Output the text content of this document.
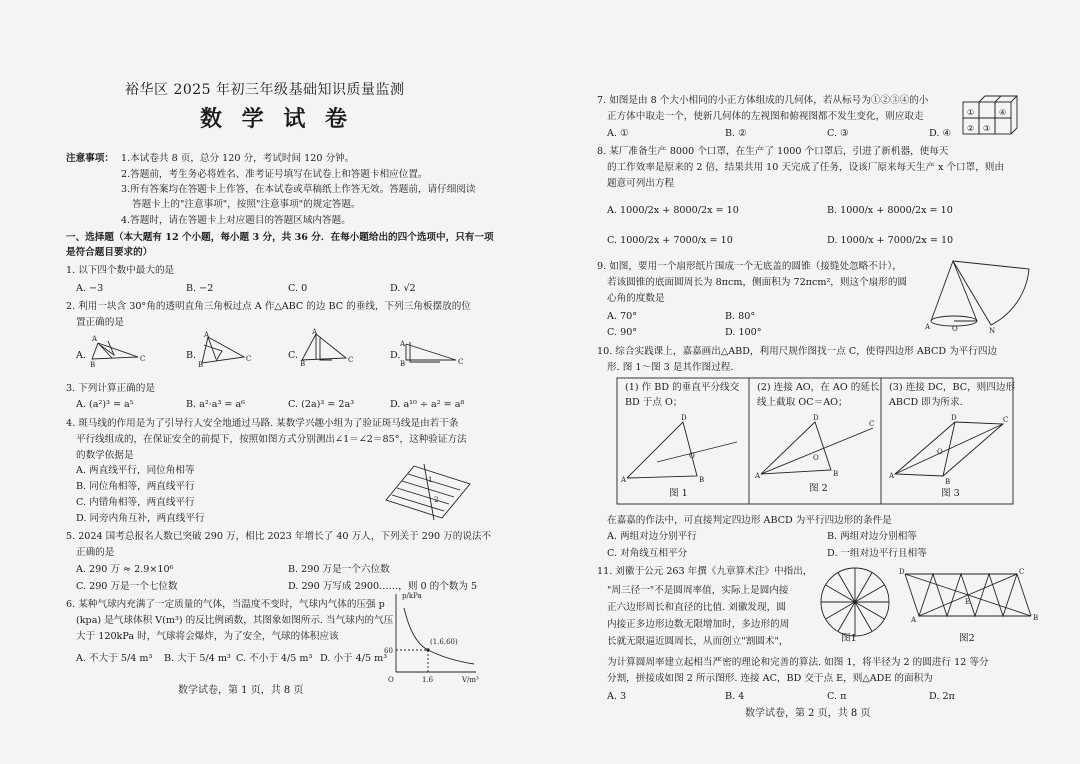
裕华区 2025 年初三年级基础知识质量监测
数 学 试 卷
注意事项： 1.本试卷共 8 页，总分 120 分，考试时间 120 分钟。
2.答题前，考生务必将姓名、准考证号填写在试卷上和答题卡相应位置。
3.所有答案均在答题卡上作答，在本试卷或草稿纸上作答无效。答题前，请仔细阅读
答题卡上的"注意事项"，按照"注意事项"的规定答题。
4.答题时，请在答题卡上对应题目的答题区域内答题。
一、选择题（本大题有 12 个小题，每小题 3 分，共 36 分．在每小题给出的四个选项中，只有一项
是符合题目要求的）
1. 以下四个数中最大的是
A. −3	B. −2	C. 0	D. √2
2. 利用一块含 30°角的透明直角三角板过点 A 作△ABC 的边 BC 的垂线，下列三角板摆放的位
置正确的是
A.	B.	C.	D.
A
C
B
A
C
B
A
C
B
A
C
B
3. 下列计算正确的是
A. (a²)³ = a⁵	B. a²·a³ = a⁶	C. (2a)³ = 2a³	D. a¹⁰ ÷ a² = a⁸
4. 斑马线的作用是为了引导行人安全地通过马路. 某数学兴趣小组为了验证斑马线是由若干条
平行线组成的，在保证安全的前提下，按照如图方式分别测出∠1＝∠2＝85°，这种验证方法
的数学依据是
A. 两直线平行，同位角相等
B. 同位角相等，两直线平行
C. 内错角相等，两直线平行
D. 同旁内角互补，两直线平行
1
2
5. 2024 国考总报名人数已突破 290 万，相比 2023 年增长了 40 万人，下列关于 290 万的说法不
正确的是
A. 290 万 ≈ 2.9×10⁶	B. 290 万是一个六位数
C. 290 万是一个七位数	D. 290 万写成 2900……，则 0 的个数为 5
6. 某种气球内充满了一定质量的气体，当温度不变时，气球内气体的压强 p
(kpa) 是气球体积 V(m³) 的反比例函数，其图象如图所示. 当气球内的气压
大于 120kPa 时，气球将会爆炸，为了安全，气球的体积应该
A. 不大于 5/4 m³ B. 大于 5/4 m³ C. 不小于 4/5 m³ D. 小于 4/5 m³
p/kPa
V/m³
(1.6,60)
60
1.6
O
数学试卷，第 1 页，共 8 页
7. 如图是由 8 个大小相同的小正方体组成的几何体，若从标号为①②③④的小
正方体中取走一个，使新几何体的左视图和俯视图都不发生变化，则应取走
A. ①	B. ②	C. ③	D. ④ ②
①
③
④
8. 某厂准备生产 8000 个口罩，在生产了 1000 个口罩后，引进了新机器，使每天
的工作效率是原来的 2 倍，结果共用 10 天完成了任务，设该厂原来每天生产 x 个口罩，则由
题意可列出方程
A. 1000/2x + 8000/2x = 10	B. 1000/x + 8000/2x = 10
C. 1000/2x + 7000/x = 10	D. 1000/x + 7000/2x = 10
9. 如图，要用一个扇形纸片围成一个无底盖的圆锥（接缝处忽略不计），
若该圆锥的底面圆周长为 8πcm，侧面积为 72πcm²，则这个扇形的圆
心角的度数是
A. 70°	B. 80°
C. 90°	D. 100°	A	O	N
10. 综合实践课上，嘉嘉画出△ABD，利用尺规作图找一点 C，使得四边形 ABCD 为平行四边
形. 图 1～图 3 是其作图过程.
A
D
B
O
A
D
B
O
C
A
D
B
O
C
(1) 作 BD 的垂直平分线交
BD 于点 O；
(2) 连接 AO，在 AO 的延长
线上截取 OC＝AO；
(3) 连接 DC，BC，则四边形
ABCD 即为所求.
图 1	图 2	图 3
在嘉嘉的作法中，可直接判定四边形 ABCD 为平行四边形的条件是
A. 两组对边分别平行	B. 两组对边分别相等
C. 对角线互相平分	D. 一组对边平行且相等
11. 刘徽于公元 263 年撰《九章算术注》中指出，
"周三径一"不是圆周率值，实际上是圆内接
正六边形周长和直径的比值. 刘徽发现，圆
内接正多边形边数无限增加时，多边形的周
长就无限逼近圆周长，从而创立"割圆术"，
为计算圆周率建立起相当严密的理论和完善的算法. 如图 1，将半径为 2 的圆进行 12 等分
分割，拼接成如图 2 所示图形. 连接 AC，BD 交于点 E，则△ADE 的面积为
D	C
A	B
E
图1	图2
A. 3	B. 4	C. π	D. 2π
数学试卷，第 2 页，共 8 页
